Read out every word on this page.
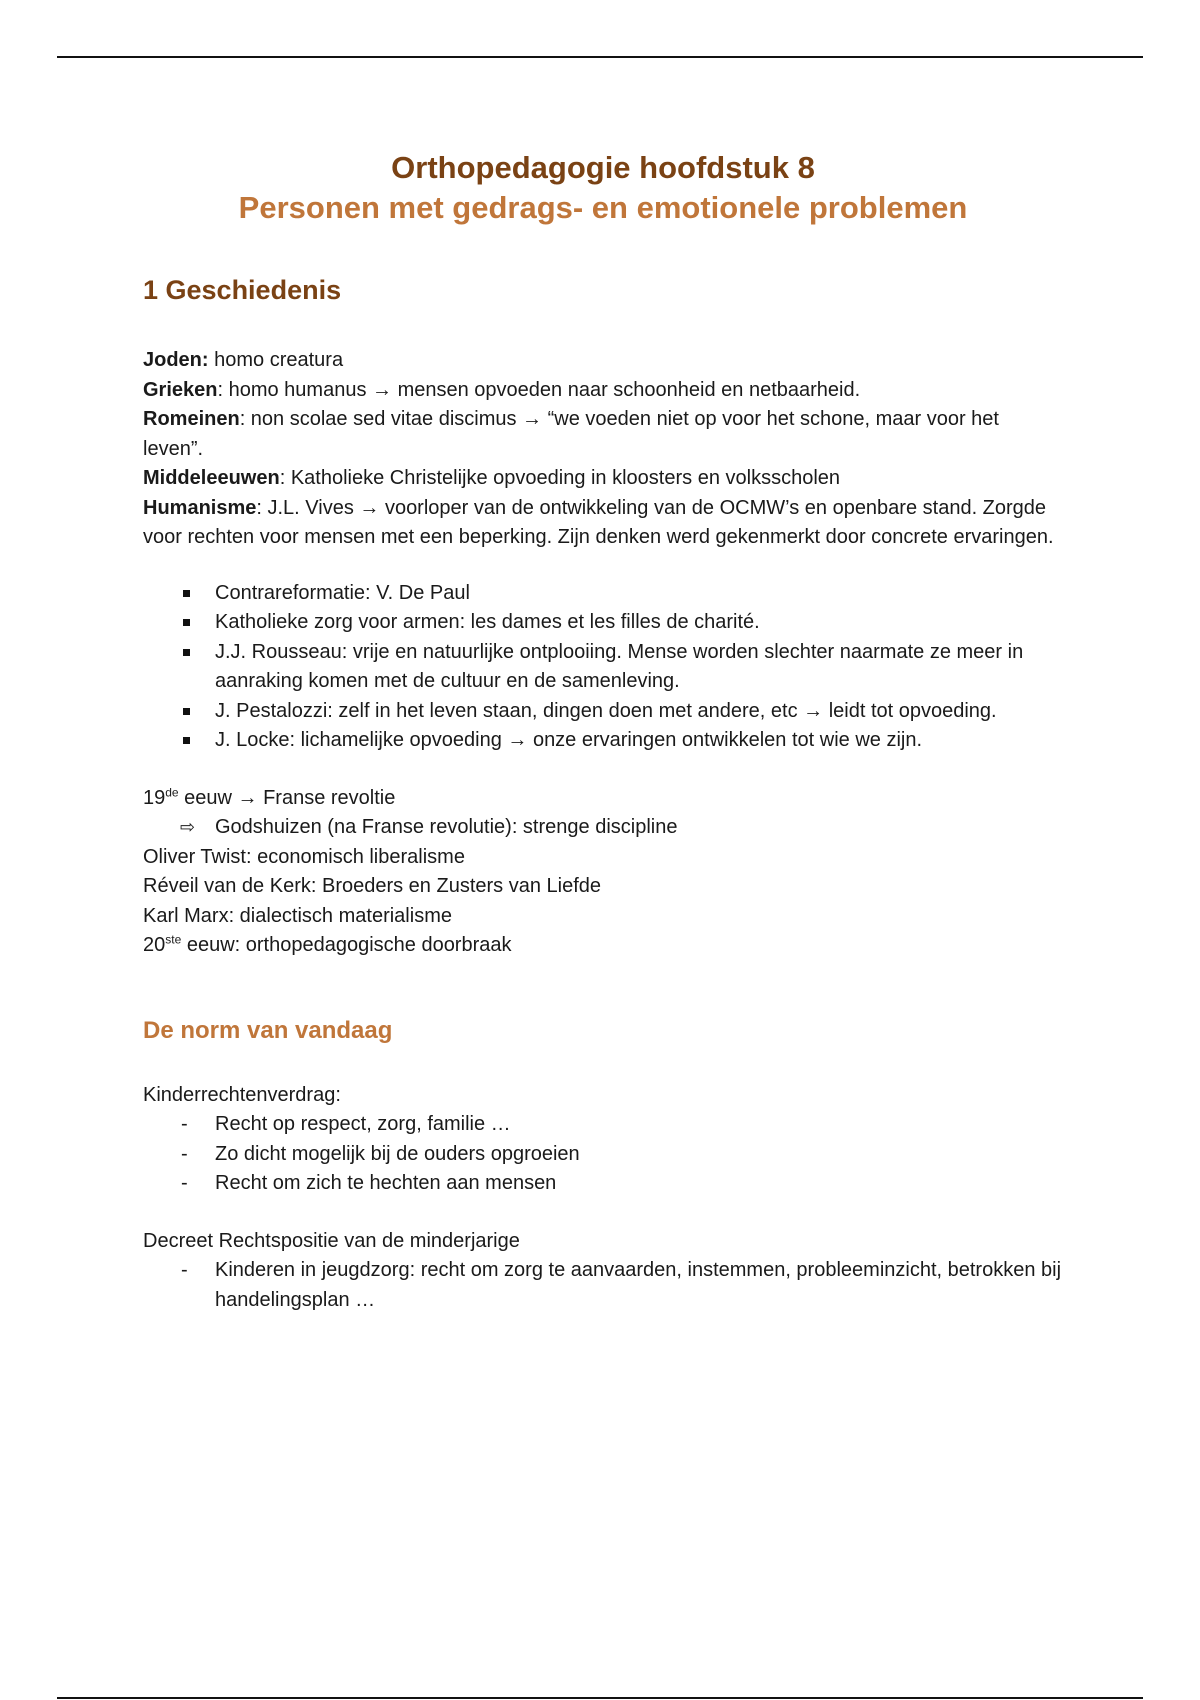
Orthopedagogie hoofdstuk 8
Personen met gedrags- en emotionele problemen
1 Geschiedenis

Joden: homo creatura

Grieken: homo humanus → mensen opvoeden naar schoonheid en netbaarheid.

Romeinen: non scolae sed vitae discimus → “we voeden niet op voor het schone, maar voor het leven”.

Middeleeuwen: Katholieke Christelijke opvoeding in kloosters en volksscholen

Humanisme: J.L. Vives → voorloper van de ontwikkeling van de OCMW’s en openbare stand. Zorgde voor rechten voor mensen met een beperking. Zijn denken werd gekenmerkt door concrete ervaringen.

Contrareformatie: V. De Paul
Katholieke zorg voor armen: les dames et les filles de charité.
J.J. Rousseau: vrije en natuurlijke ontplooiing. Mense worden slechter naarmate ze meer in aanraking komen met de cultuur en de samenleving.
J. Pestalozzi: zelf in het leven staan, dingen doen met andere, etc → leidt tot opvoeding.
J. Locke: lichamelijke opvoeding → onze ervaringen ontwikkelen tot wie we zijn.

19de eeuw → Franse revoltie

⇨ Godshuizen (na Franse revolutie): strenge discipline

Oliver Twist: economisch liberalisme

Réveil van de Kerk: Broeders en Zusters van Liefde

Karl Marx: dialectisch materialisme

20ste eeuw: orthopedagogische doorbraak

De norm van vandaag

Kinderrechtenverdrag:

- Recht op respect, zorg, familie …
- Zo dicht mogelijk bij de ouders opgroeien
- Recht om zich te hechten aan mensen

Decreet Rechtspositie van de minderjarige

- Kinderen in jeugdzorg: recht om zorg te aanvaarden, instemmen, probleeminzicht, betrokken bij handelingsplan …
